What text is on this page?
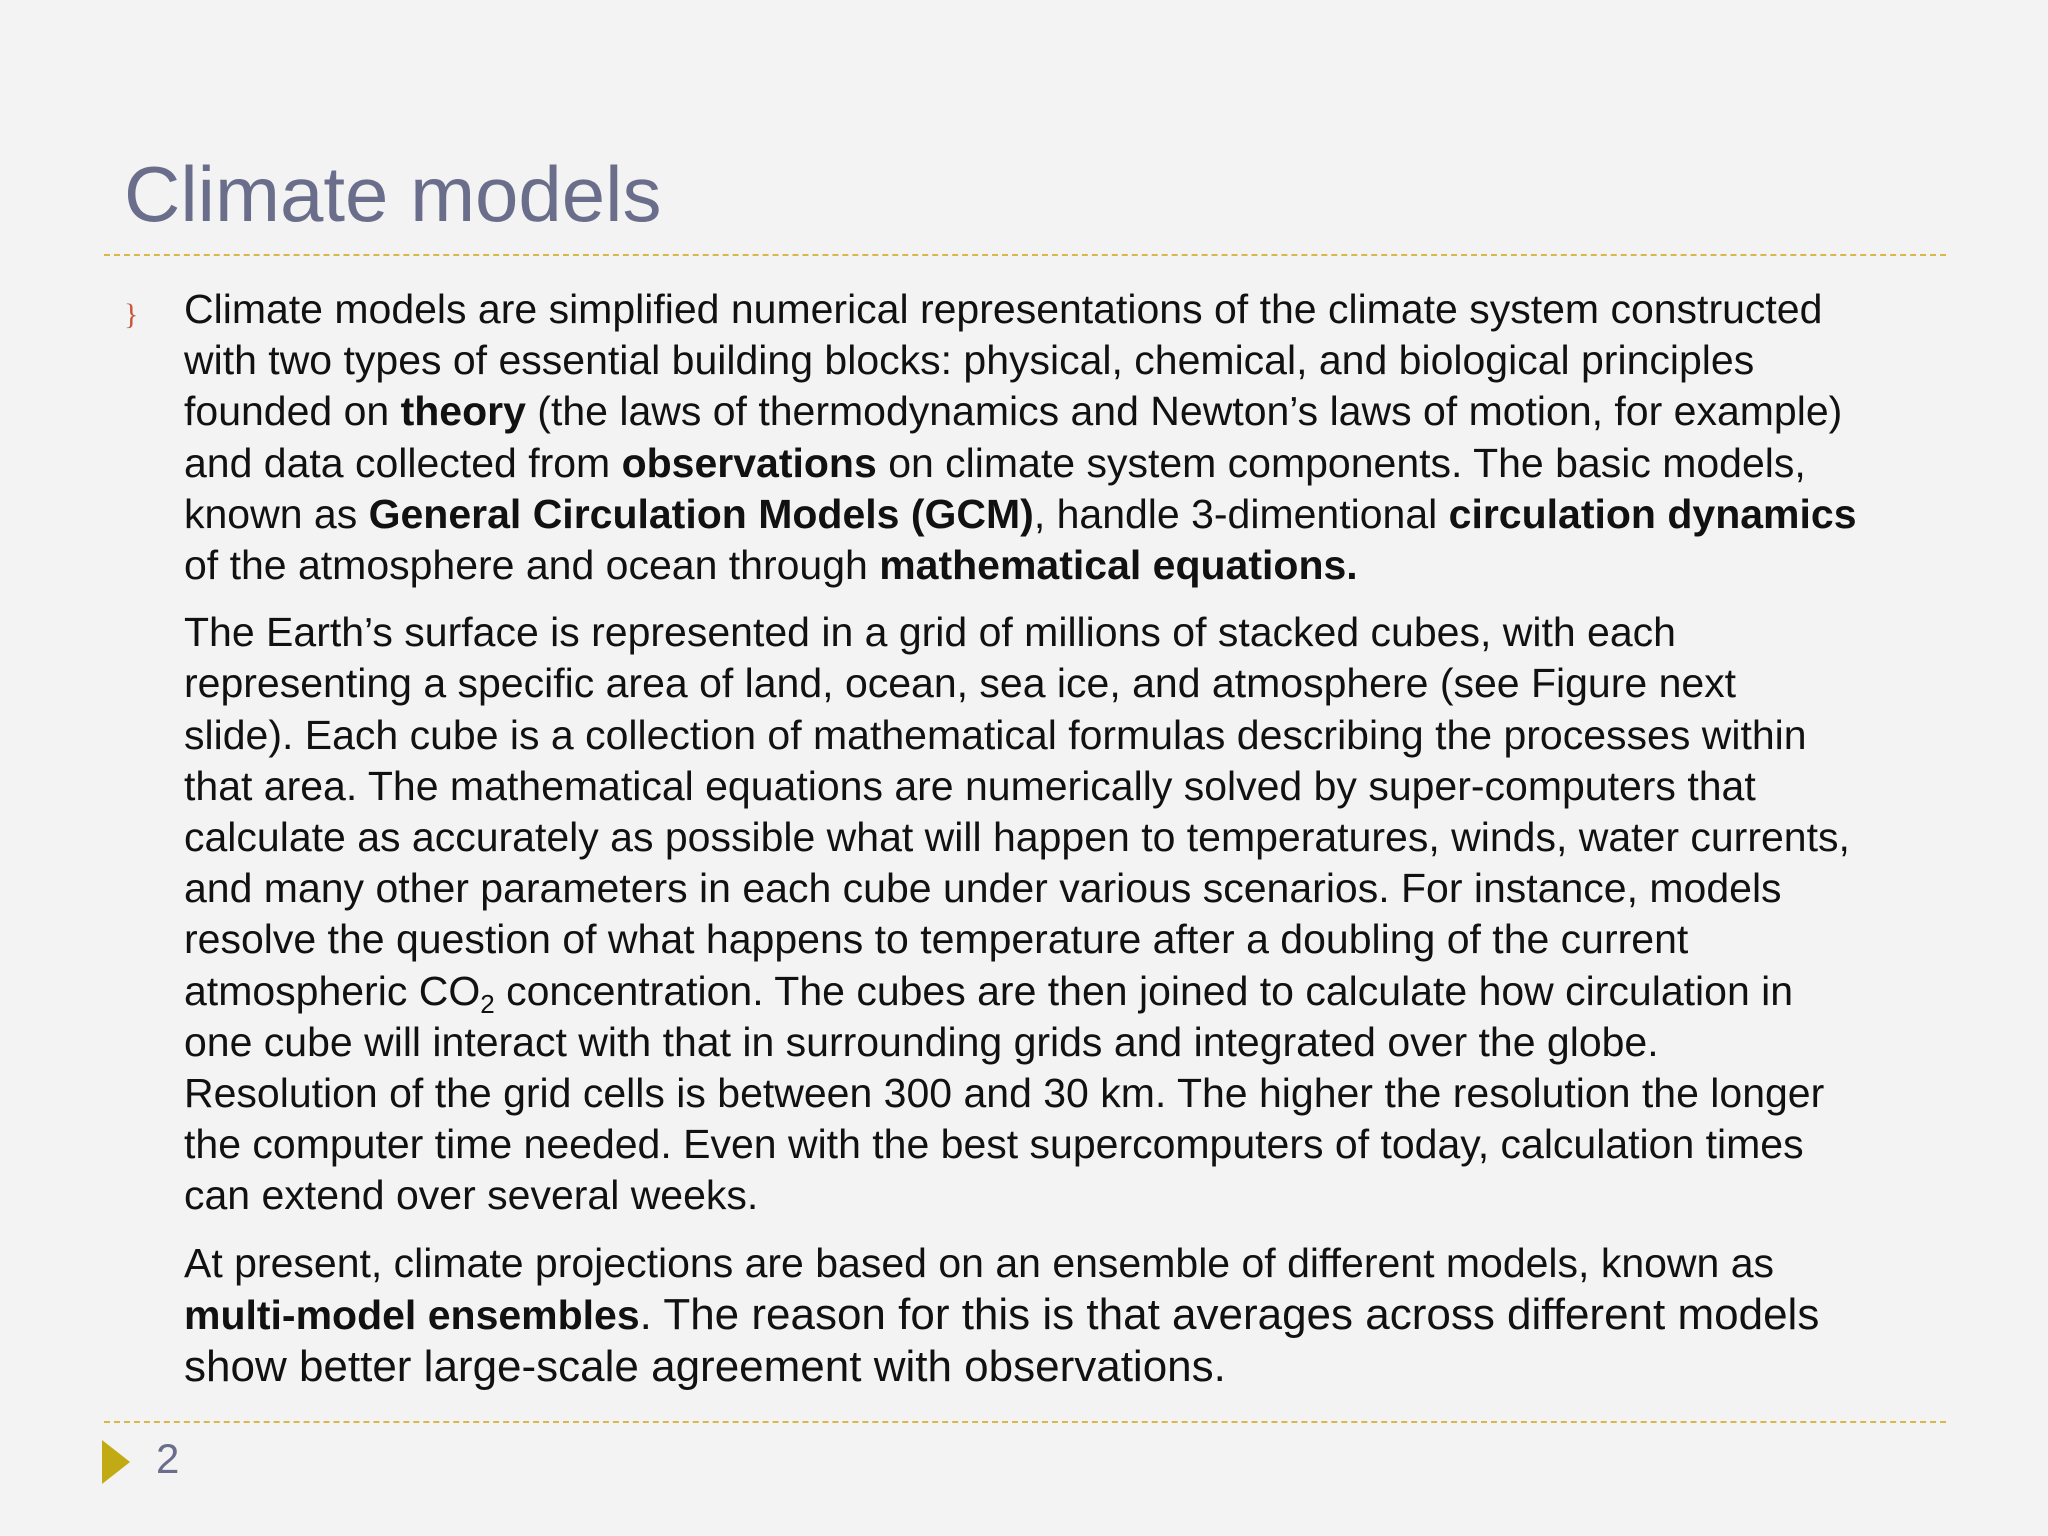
Climate models
} Climate models are simplified numerical representations of the climate system constructed
with two types of essential building blocks: physical, chemical, and biological principles
founded on theory (the laws of thermodynamics and Newton’s laws of motion, for example)
and data collected from observations on climate system components. The basic models,
known as General Circulation Models (GCM), handle 3-dimentional circulation dynamics
of the atmosphere and ocean through mathematical equations.

The Earth’s surface is represented in a grid of millions of stacked cubes, with each
representing a specific area of land, ocean, sea ice, and atmosphere (see Figure next
slide). Each cube is a collection of mathematical formulas describing the processes within
that area. The mathematical equations are numerically solved by super-computers that
calculate as accurately as possible what will happen to temperatures, winds, water currents,
and many other parameters in each cube under various scenarios. For instance, models
resolve the question of what happens to temperature after a doubling of the current
atmospheric $CO_2$ concentration. The cubes are then joined to calculate how circulation in
one cube will interact with that in surrounding grids and integrated over the globe.
Resolution of the grid cells is between 300 and 30 km. The higher the resolution the longer
the computer time needed. Even with the best supercomputers of today, calculation times
can extend over several weeks.

At present, climate projections are based on an ensemble of different models, known as
multi-model ensembles. The reason for this is that averages across different models
show better large-scale agreement with observations.

2
